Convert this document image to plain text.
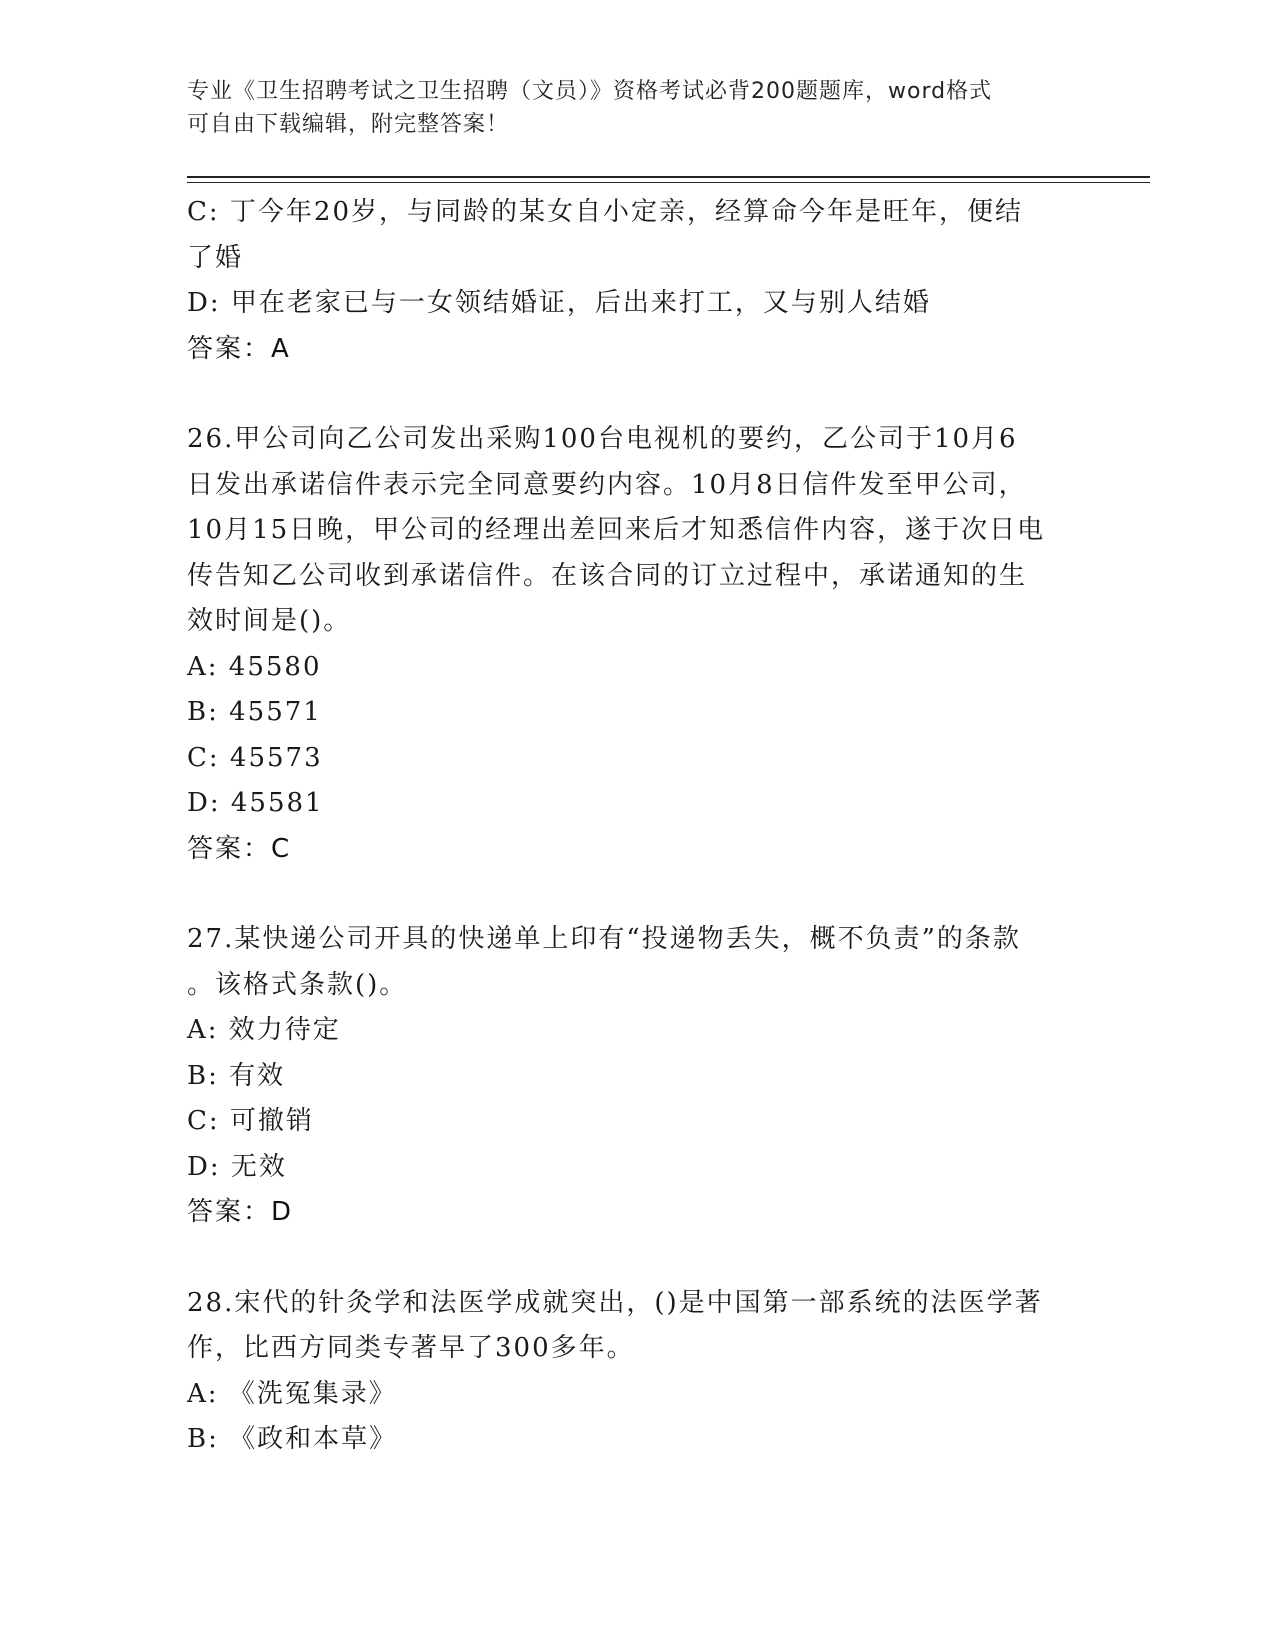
专业《卫生招聘考试之卫生招聘（文员）》资格考试必背200题题库，word格式
可自由下载编辑，附完整答案！
C: 丁今年20岁，与同龄的某女自小定亲，经算命今年是旺年，便结
了婚
D: 甲在老家已与一女领结婚证，后出来打工，又与别人结婚
答案：A
26.甲公司向乙公司发出采购100台电视机的要约，乙公司于10月6
日发出承诺信件表示完全同意要约内容。10月8日信件发至甲公司，
10月15日晚，甲公司的经理出差回来后才知悉信件内容，遂于次日电
传告知乙公司收到承诺信件。在该合同的订立过程中，承诺通知的生
效时间是()。
A: 45580
B: 45571
C: 45573
D: 45581
答案：C
27.某快递公司开具的快递单上印有“投递物丢失，概不负责”的条款
。该格式条款()。
A: 效力待定
B: 有效
C: 可撤销
D: 无效
答案：D
28.宋代的针灸学和法医学成就突出，()是中国第一部系统的法医学著
作，比西方同类专著早了300多年。
A: 《洗冤集录》
B: 《政和本草》
